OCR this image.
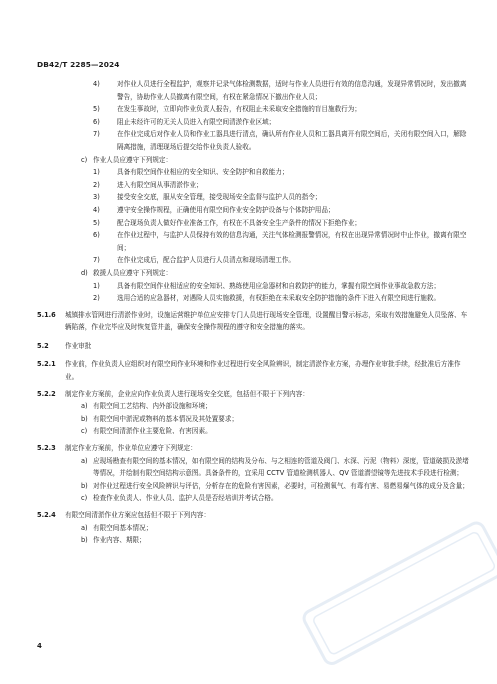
DB42/T 2285—2024
4)	对作业人员进行全程监护，观察并记录气体检测数据，适时与作业人员进行有效的信息沟通，发现异常情况时，发出撤离警告，协助作业人员撤离有限空间，有权在紧急情况下撤出作业人员；
5)	在发生事故时，立即向作业负责人报告，有权阻止未采取安全措施的盲目施救行为；
6)	阻止未经许可的无关人员进入有限空间清淤作业区域；
7)	在作业完成后对作业人员和作业工器具进行清点，确认所有作业人员和工器具离开有限空间后，关闭有限空间入口，解除隔离措施，清理现场后提交给作业负责人验收。
c) 作业人员应遵守下列规定：
1)	具备有限空间作业相应的安全知识、安全防护和自救能力；
2)	进入有限空间从事清淤作业；
3)	接受安全交底，服从安全管理，接受现场安全监督与监护人员的指令；
4)	遵守安全操作规程，正确使用有限空间作业安全防护设备与个体防护用品；
5)	配合现场负责人做好作业准备工作，有权在不具备安全生产条件的情况下拒绝作业；
6)	在作业过程中，与监护人员保持有效的信息沟通，关注气体检测报警情况，有权在出现异常情况时中止作业，撤离有限空间；
7)	在作业完成后，配合监护人员进行人员清点和现场清理工作。
d) 救援人员应遵守下列规定：
1)	具备有限空间作业相适应的安全知识、熟练使用应急器材和自救防护的能力，掌握有限空间作业事故急救方法；
2)	选用合适的应急器材，对遇险人员实施救援，有权拒绝在未采取安全防护措施的条件下进入有限空间进行施救。
5.1.6	城镇排水管网进行清淤作业时，设施运营维护单位应安排专门人员进行现场安全管理，设置醒目警示标志，采取有效措施避免人员坠落、车辆陷落，作业完毕应及时恢复管井盖，确保安全操作规程的遵守和安全措施的落实。
5.2	作业审批
5.2.1	作业前，作业负责人应组织对有限空间作业环境和作业过程进行安全风险辨识，制定清淤作业方案，办理作业审批手续，经批准后方准作业。
5.2.2	制定作业方案前，企业应向作业负责人进行现场安全交底，包括但不限于下列内容：
a) 有限空间工艺结构、内外部设施和环境；
b) 有限空间中淤泥或物料的基本情况及其处置要求；
c) 有限空间清淤作业主要危险、有害因素。
5.2.3	制定作业方案前，作业单位应遵守下列规定：
a) 应现场勘查有限空间的基本情况，如有限空间的结构及分布、与之相连的管道及阀门、水深、污泥（物料）深度，管道破损及淤堵等情况，并绘制有限空间结构示意图。具备条件的，宜采用 CCTV 管道检测机器人、QV 管道潜望镜等先进技术手段进行检测；
b) 对作业过程进行安全风险辨识与评估，分析存在的危险有害因素，必要时，可检测氧气、有毒有害、易燃易爆气体的成分及含量；
c) 检查作业负责人、作业人员、监护人员是否经培训并考试合格。
5.2.4	有限空间清淤作业方案应包括但不限于下列内容：
a) 有限空间基本情况；
b) 作业内容、期限；
4
